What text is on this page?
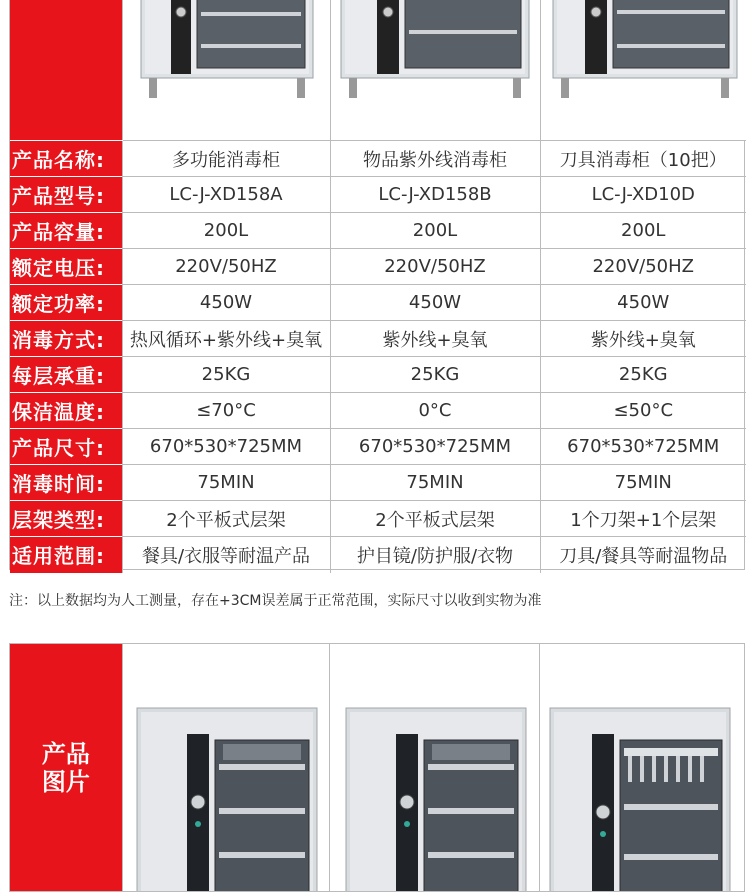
产品名称:	多功能消毒柜	物品紫外线消毒柜	刀具消毒柜（10把）
产品型号:	LC-J-XD158A	LC-J-XD158B	LC-J-XD10D
产品容量:	200L	200L	200L
额定电压:	220V/50HZ	220V/50HZ	220V/50HZ
额定功率:	450W	450W	450W
消毒方式:	热风循环+紫外线+臭氧	紫外线+臭氧	紫外线+臭氧
每层承重:	25KG	25KG	25KG
保洁温度:	≤70°C	0°C	≤50°C
产品尺寸:	670*530*725MM	670*530*725MM	670*530*725MM
消毒时间:	75MIN	75MIN	75MIN
层架类型:	2个平板式层架	2个平板式层架	1个刀架+1个层架
适用范围:	餐具/衣服等耐温产品	护目镜/防护服/衣物	刀具/餐具等耐温物品
注：以上数据均为人工测量，存在+3CM误差属于正常范围，实际尺寸以收到实物为准
产品图片
